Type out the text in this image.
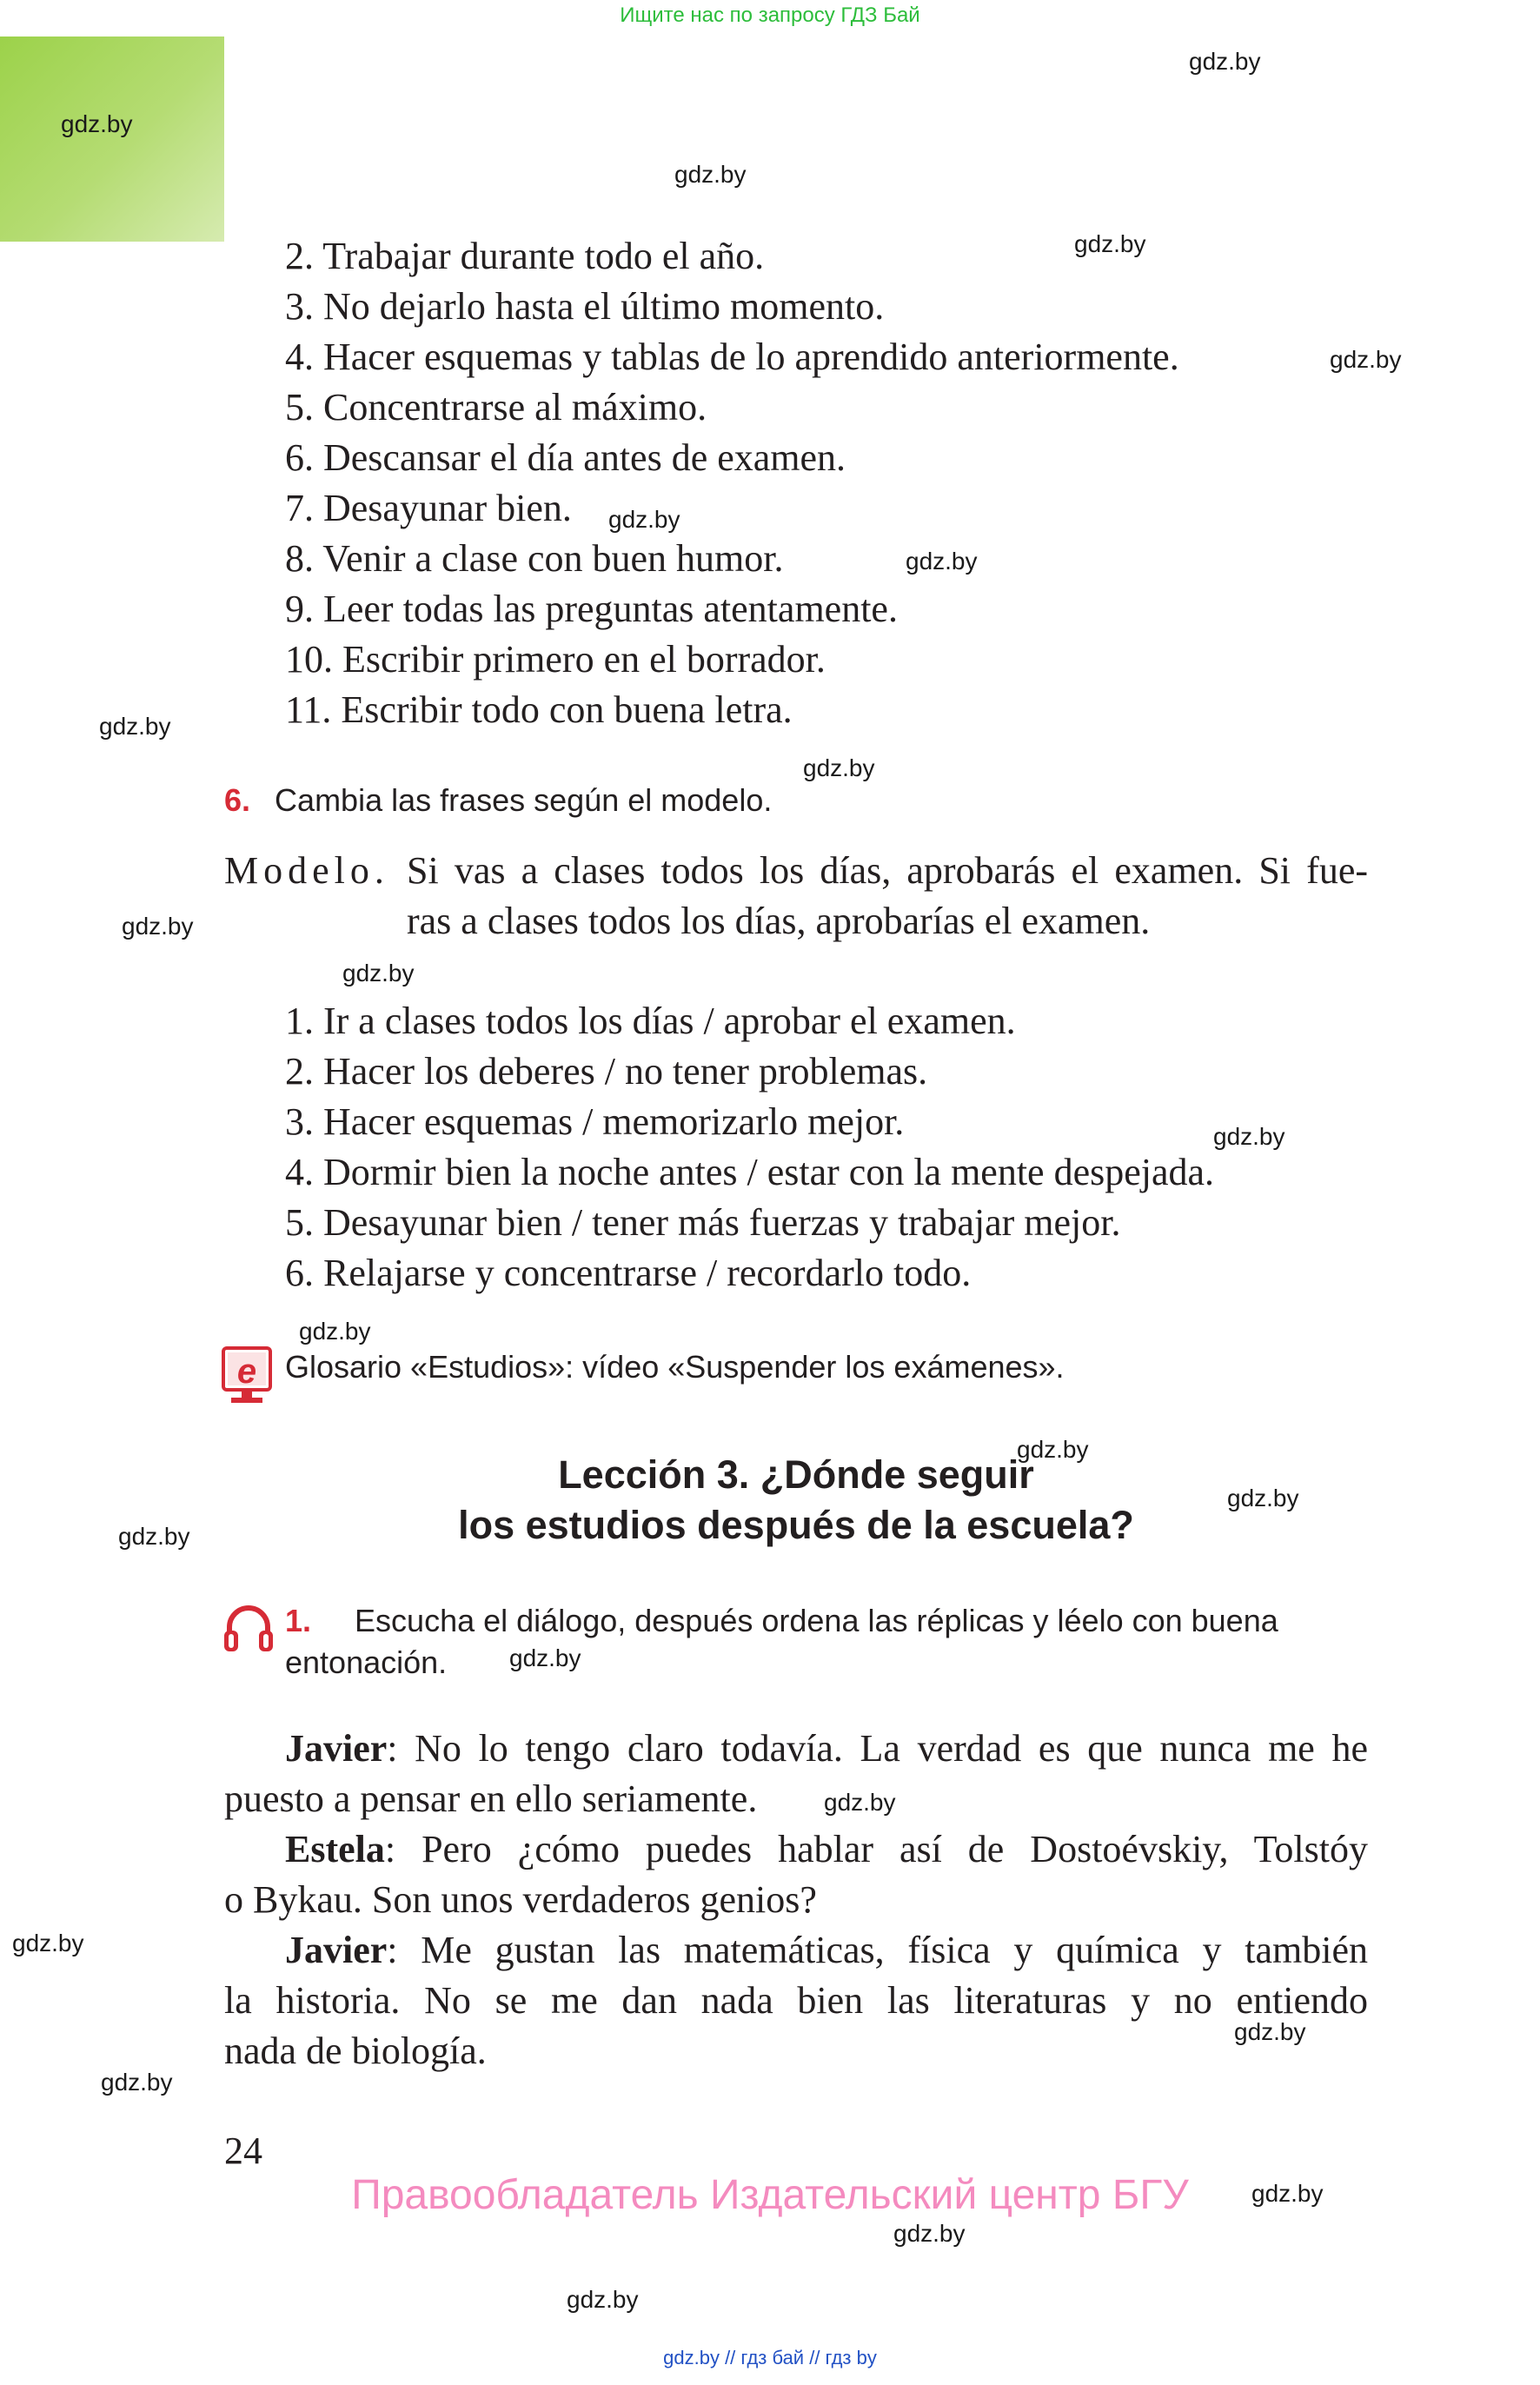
Ищите нас по запросу ГДЗ Бай
gdz.by
gdz.by
gdz.by
gdz.by
gdz.by
gdz.by
gdz.by
gdz.by
gdz.by
gdz.by
gdz.by
gdz.by
gdz.by
gdz.by
gdz.by
gdz.by
gdz.by
gdz.by
gdz.by
gdz.by
gdz.by
gdz.by
gdz.by
gdz.by
2. Trabajar durante todo el año.
3. No dejarlo hasta el último momento.
4. Hacer esquemas y tablas de lo aprendido anteriormente.
5. Concentrarse al máximo.
6. Descansar el día antes de examen.
7. Desayunar bien.
8. Venir a clase con buen humor.
9. Leer todas las preguntas atentamente.
10. Escribir primero en el borrador.
11. Escribir todo con buena letra.
6. Cambia las frases según el modelo.
Modelo. Si vas a clases todos los días, aprobarás el examen. Si fue-
ras a clases todos los días, aprobarías el examen.
1. Ir a clases todos los días / aprobar el examen.
2. Hacer los deberes / no tener problemas.
3. Hacer esquemas / memorizarlo mejor.
4. Dormir bien la noche antes / estar con la mente despejada.
5. Desayunar bien / tener más fuerzas y trabajar mejor.
6. Relajarse y concentrarse / recordarlo todo.
e Glosario «Estudios»: vídeo «Suspender los exámenes».
Lección 3. ¿Dónde seguir
los estudios después de la escuela?
1. Escucha el diálogo, después ordena las réplicas y léelo con buena
entonación.
Javier: No lo tengo claro todavía. La verdad es que nunca me he
puesto a pensar en ello seriamente.
Estela: Pero ¿cómo puedes hablar así de Dostoévskiy, Tolstóy
o Bykau. Son unos verdaderos genios?
Javier: Me gustan las matemáticas, física y química y también
la historia. No se me dan nada bien las literaturas y no entiendo
nada de biología.
24
Правообладатель Издательский центр БГУ
gdz.by // гдз бай // гдз by
